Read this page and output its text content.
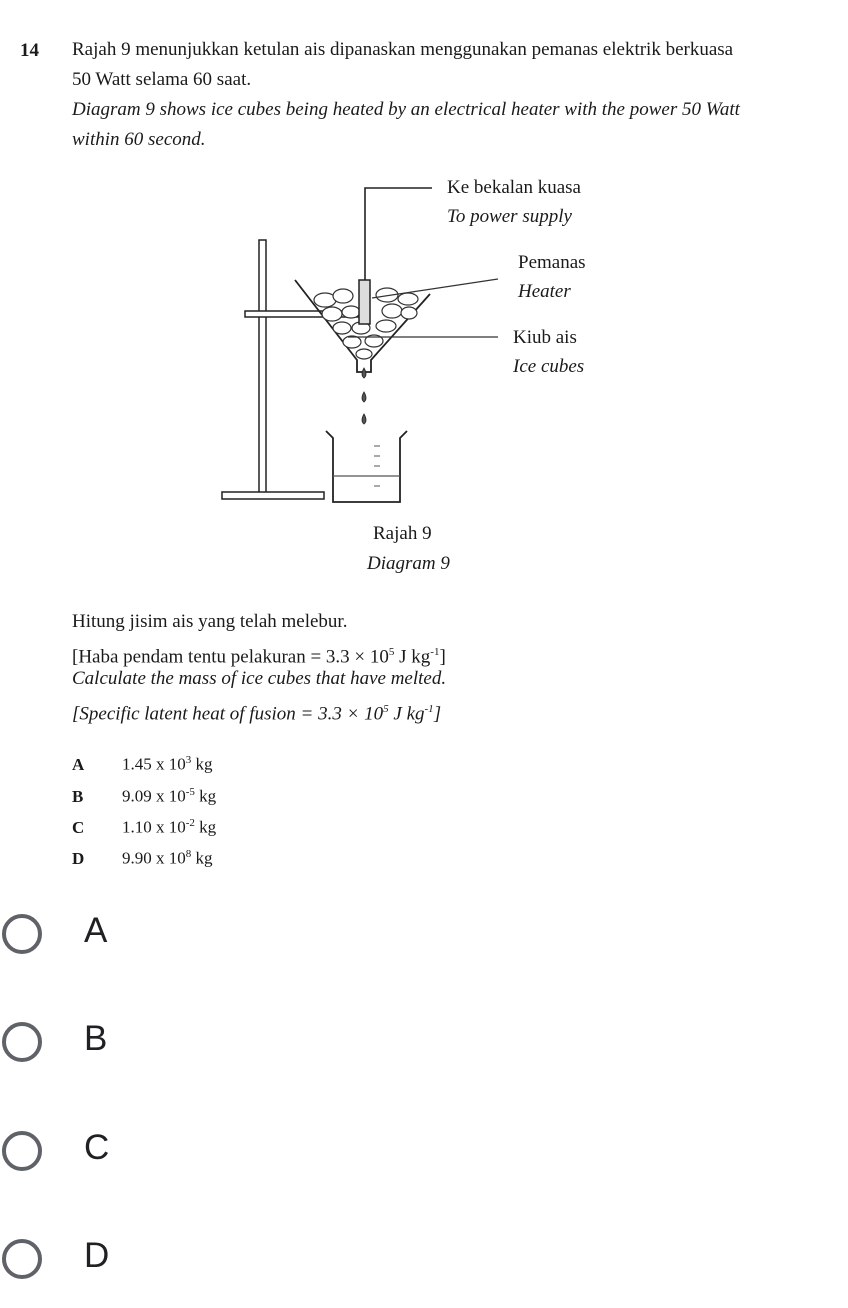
14 Rajah 9 menunjukkan ketulan ais dipanaskan menggunakan pemanas elektrik berkuasa
50 Watt selama 60 saat.
Diagram 9 shows ice cubes being heated by an electrical heater with the power 50 Watt
within 60 second.
Ke bekalan kuasa
To power supply
Pemanas
Heater
Kiub ais
Ice cubes
Rajah 9
Diagram 9
Hitung jisim ais yang telah melebur.
[Haba pendam tentu pelakuran = $3.3 \times 10^5$ J $kg^{-1}$]
Calculate the mass of ice cubes that have melted.
[Specific latent heat of fusion = $3.3 \times 10^5$ J $kg^{-1}$]
A 1.45 x $10^3$ kg
B 9.09 x $10^{-5}$ kg
C 1.10 x $10^{-2}$ kg
D 9.90 x $10^8$ kg
A
B
C
D
